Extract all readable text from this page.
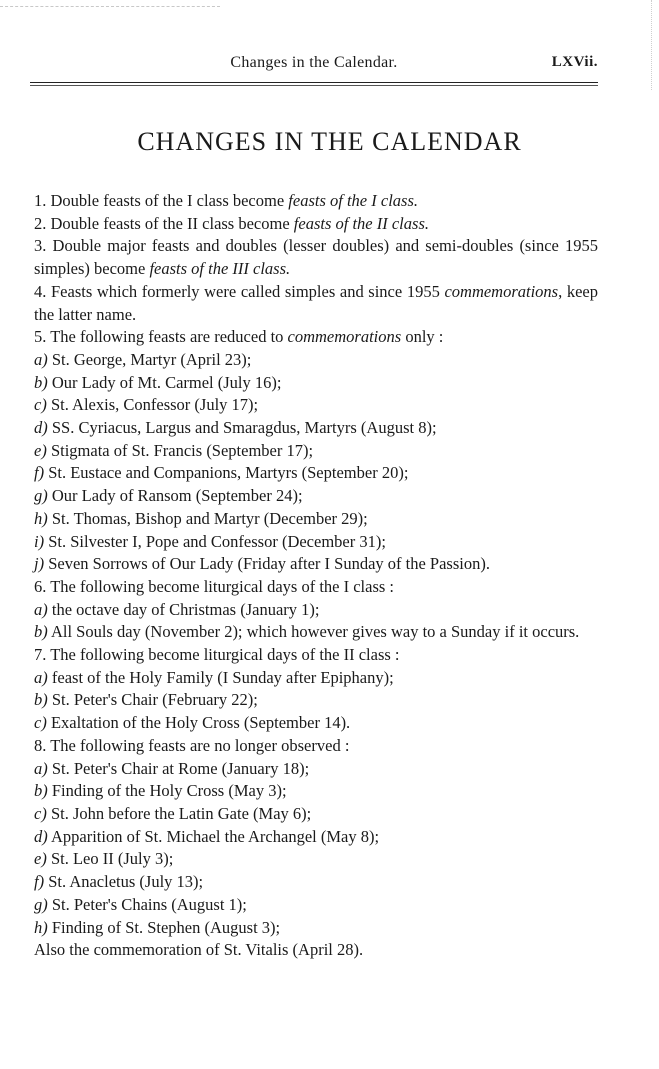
Changes in the Calendar.	LXVii.
CHANGES IN THE CALENDAR

1. Double feasts of the I class become feasts of the I class.

2. Double feasts of the II class become feasts of the II class.

3. Double major feasts and doubles (lesser doubles) and semi-doubles (since 1955 simples) become feasts of the III class.

4. Feasts which formerly were called simples and since 1955 commemorations, keep the latter name.

5. The following feasts are reduced to commemorations only :

a) St. George, Martyr (April 23);

b) Our Lady of Mt. Carmel (July 16);

c) St. Alexis, Confessor (July 17);

d) SS. Cyriacus, Largus and Smaragdus, Martyrs (August 8);

e) Stigmata of St. Francis (September 17);

f) St. Eustace and Companions, Martyrs (September 20);

g) Our Lady of Ransom (September 24);

h) St. Thomas, Bishop and Martyr (December 29);

i) St. Silvester I, Pope and Confessor (December 31);

j) Seven Sorrows of Our Lady (Friday after I Sunday of the Passion).

6. The following become liturgical days of the I class :

a) the octave day of Christmas (January 1);

b) All Souls day (November 2); which however gives way to a Sunday if it occurs.

7. The following become liturgical days of the II class :

a) feast of the Holy Family (I Sunday after Epiphany);

b) St. Peter's Chair (February 22);

c) Exaltation of the Holy Cross (September 14).

8. The following feasts are no longer observed :

a) St. Peter's Chair at Rome (January 18);

b) Finding of the Holy Cross (May 3);

c) St. John before the Latin Gate (May 6);

d) Apparition of St. Michael the Archangel (May 8);

e) St. Leo II (July 3);

f) St. Anacletus (July 13);

g) St. Peter's Chains (August 1);

h) Finding of St. Stephen (August 3);

Also the commemoration of St. Vitalis (April 28).
